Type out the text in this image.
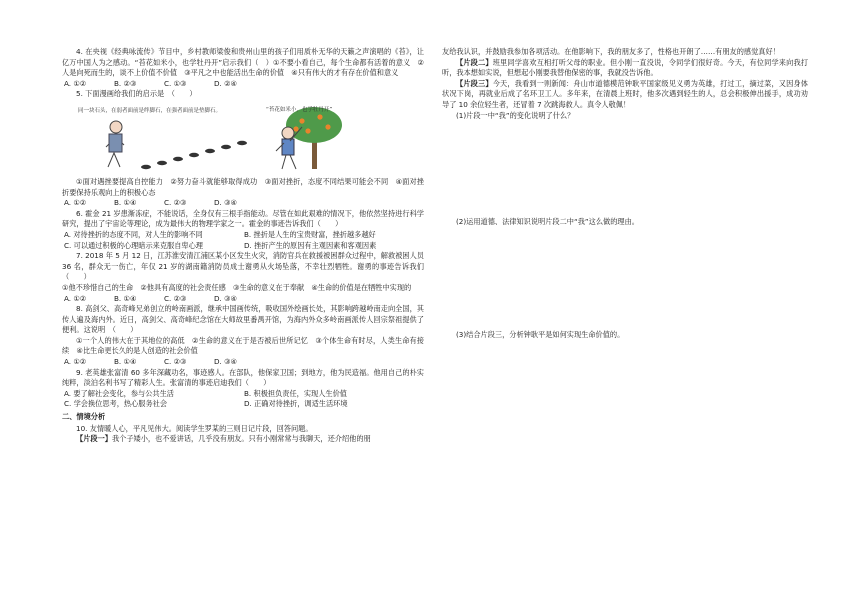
4. 在央视《经典咏流传》节目中，乡村教师梁俊和贵州山里的孩子们用质朴无华的天籁之声演唱的《苔》，让亿万中国人为之感动。“苔花如米小，也学牡丹开”启示我们（　）①不要小看自己，每个生命都有活着的意义　②人是向死而生的，谈不上价值不价值　③平凡之中也能活出生命的价值　④只有伟大的才有存在价值和意义

A. ①②	B. ②③	C. ①③	D. ②④

5. 下面漫画给我们的启示是　（　　）

同一块石头，在弱者面前是绊脚石，在强者面前是垫脚石。	“苔花如米小，也学牡丹开”

①面对遇挫要提高自控能力　②努力奋斗就能够取得成功　③面对挫折，态度不同结果可能会不同　④面对挫折要保持乐观向上的积极心态

A. ①②	B. ①④	C. ②③	D. ③④

6. 霍金 21 岁患渐冻症，不能说话，全身仅有三根手指能动。尽管在如此艰难的情况下，他依然坚持进行科学研究，提出了宇宙论等理论，成为最伟大的物理学家之一。霍金的事迹告诉我们（　　）

A. 对待挫折的态度不同，对人生的影响不同	B. 挫折是人生的宝贵财富，挫折越多越好
C. 可以通过积极的心理暗示来克服自卑心理	D. 挫折产生的原因有主观因素和客观因素

7. 2018 年 5 月 12 日，江苏淮安清江浦区某小区发生火灾，消防官兵在救援被困群众过程中，解救被困人员 36 名，群众无一伤亡，年仅 21 岁的湖南籍消防员成士谢勇从火场坠落，不幸壮烈牺牲。谢勇的事迹告诉我们（　　）

①他不珍惜自己的生命　②他具有高度的社会责任感　③生命的意义在于奉献　④生命的价值是在牺牲中实现的

A. ①②	B. ①④	C. ②③	D. ③④

8. 高剑父、高奇峰兄弟创立的岭南画派，继承中国画传统，吸收国外绘画长处，其影响跨越岭南走向全国，其传人遍及海内外。近日，高剑父、高奇峰纪念馆在大师故里番禺开馆，为海内外众多岭南画派传人回宗祭祖提供了便利。这说明　（　　）

①一个人的伟大在于其地位的高低　②生命的意义在于是否被后世所记忆　③个体生命有时尽，人类生命有接续　④比生命更长久的是人创造的社会价值

A. ①②	B. ①④	C. ②③	D. ③④

9. 老英雄张富清 60 多年深藏功名，事迹感人。在部队，他保家卫国；到地方，他为民造福。他用自己的朴实纯粹，淡泊名利书写了精彩人生。张富清的事迹启迪我们（　　）

A. 要了解社会变化，参与公共生活	B. 积极担负责任，实现人生价值
C. 学会换位思考，热心服务社会	D. 正确对待挫折，调适生活环境

二、情境分析

10. 友情暖人心，平凡见伟大。阅读学生罗某的三则日记片段，回答问题。

【片段一】我个子矮小，也不爱讲话，几乎没有朋友。只有小刚常常与我聊天，还介绍他的朋

友给我认识，并鼓励我参加各项活动。在他影响下，我的朋友多了，性格也开朗了……有朋友的感觉真好！

【片段二】班里同学喜欢互相打听父母的职业。但小刚一直没说，令同学们很好奇。今天，有位同学来向我打听，我本想如实说，但想起小刚要我替他保密的事，我就没告诉他。

【片段三】今天，我看到一则新闻：舟山市道德模范钟耿平国家级见义勇为英雄，打过工，摘过菜，又因身体状况下岗，再就业后成了名环卫工人。多年来，在清晨上班时，他多次遇到轻生的人，总会积极伸出援手，成功劝导了 10 余位轻生者，还冒着 7 次跳海救人。真令人敬佩！

(1)片段一中“我”的变化说明了什么？

(2)运用道德、法律知识说明片段二中“我”这么做的理由。

(3)结合片段三，分析钟耿平是如何实现生命价值的。
